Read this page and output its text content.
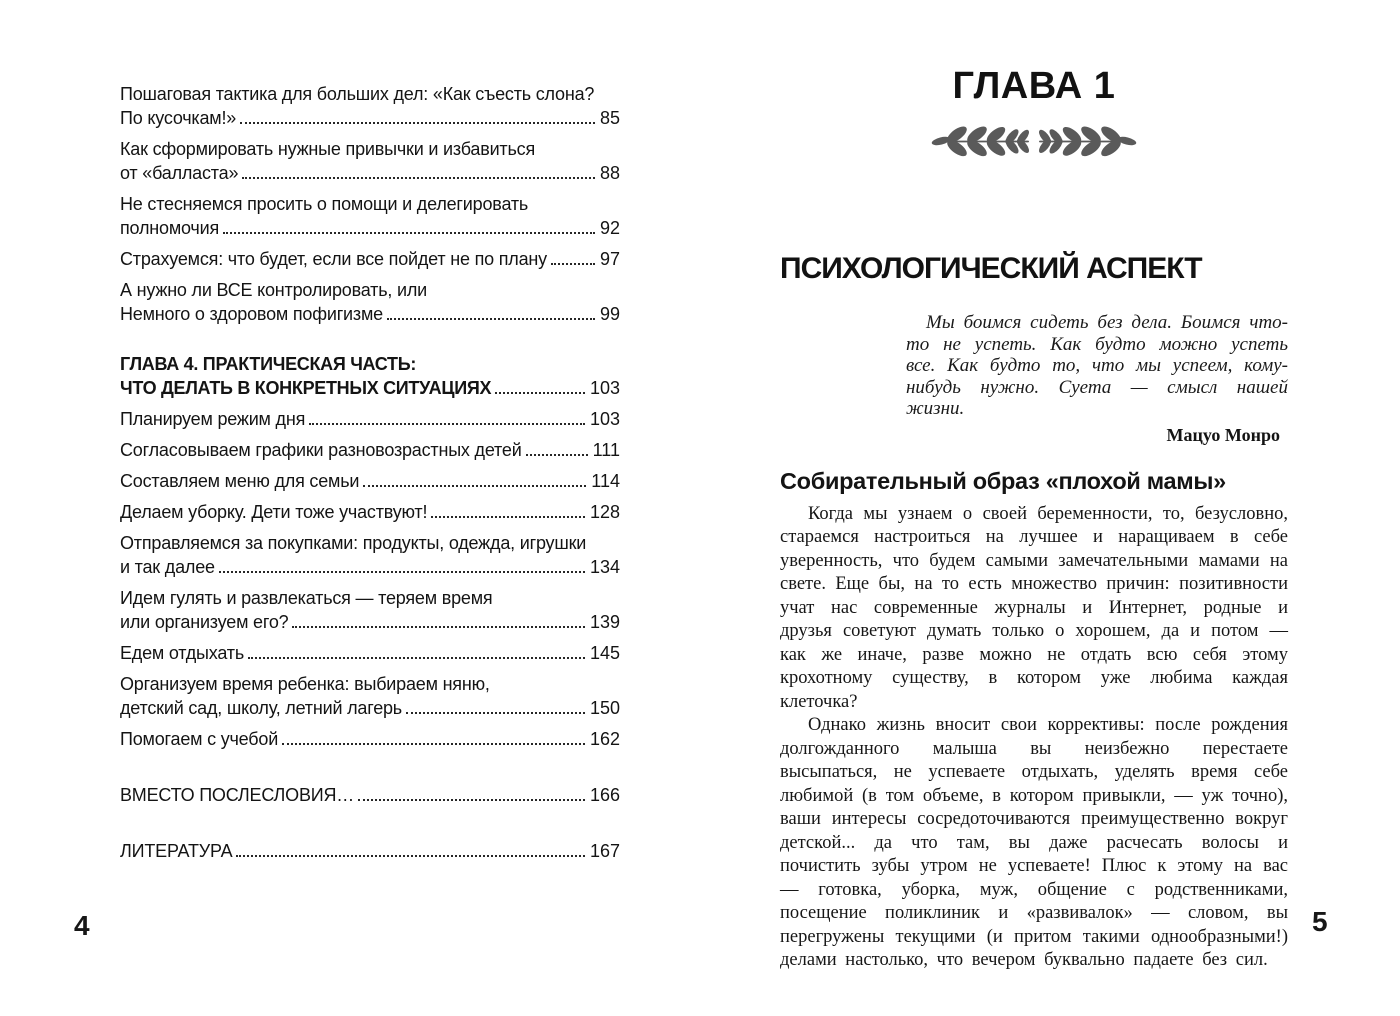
Пошаговая тактика для больших дел: «Как съесть слона?
По кусочкам!»	85
Как сформировать нужные привычки и избавиться
от «балласта»	88
Не стесняемся просить о помощи и делегировать
полномочия	92
Страхуемся: что будет, если все пойдет не по плану	97
А нужно ли ВСЕ контролировать, или
Немного о здоровом пофигизме	99
ГЛАВА 4. ПРАКТИЧЕСКАЯ ЧАСТЬ:
ЧТО ДЕЛАТЬ В КОНКРЕТНЫХ СИТУАЦИЯХ	103
Планируем режим дня	103
Согласовываем графики разновозрастных детей	111
Составляем меню для семьи	114
Делаем уборку. Дети тоже участвуют!	128
Отправляемся за покупками: продукты, одежда, игрушки
и так далее	134
Идем гулять и развлекаться — теряем время
или организуем его?	139
Едем отдыхать	145
Организуем время ребенка: выбираем няню,
детский сад, школу, летний лагерь	150
Помогаем с учебой	162
ВМЕСТО ПОСЛЕСЛОВИЯ…	166
ЛИТЕРАТУРА	167
4
ГЛАВА 1
ПСИХОЛОГИЧЕСКИЙ АСПЕКТ

Мы боимся сидеть без дела. Боимся что-то не успеть. Как будто можно успеть все. Как будто то, что мы успеем, кому-нибудь нужно. Суета — смысл нашей жизни.

Мацуо Монро
Собирательный образ «плохой мамы»

Когда мы узнаем о своей беременности, то, безусловно, стараемся настроиться на лучшее и наращиваем в себе уверенность, что будем самыми замечательными мамами на свете. Еще бы, на то есть множество причин: позитивности учат нас современные журналы и Интернет, родные и друзья советуют думать только о хорошем, да и потом — как же иначе, разве можно не отдать всю себя этому крохотному существу, в котором уже любима каждая клеточка?

Однако жизнь вносит свои коррективы: после рождения долгожданного малыша вы неизбежно перестаете высыпаться, не успеваете отдыхать, уделять время себе любимой (в том объеме, в котором привыкли, — уж точно), ваши интересы сосредоточиваются преимущественно вокруг детской... да что там, вы даже расчесать волосы и почистить зубы утром не успеваете! Плюс к этому на вас — готовка, уборка, муж, общение с родственниками, посещение поликлиник и «развивалок» — словом, вы перегружены текущими (и притом такими однообразными!) делами настолько, что вечером буквально падаете без сил.

5
